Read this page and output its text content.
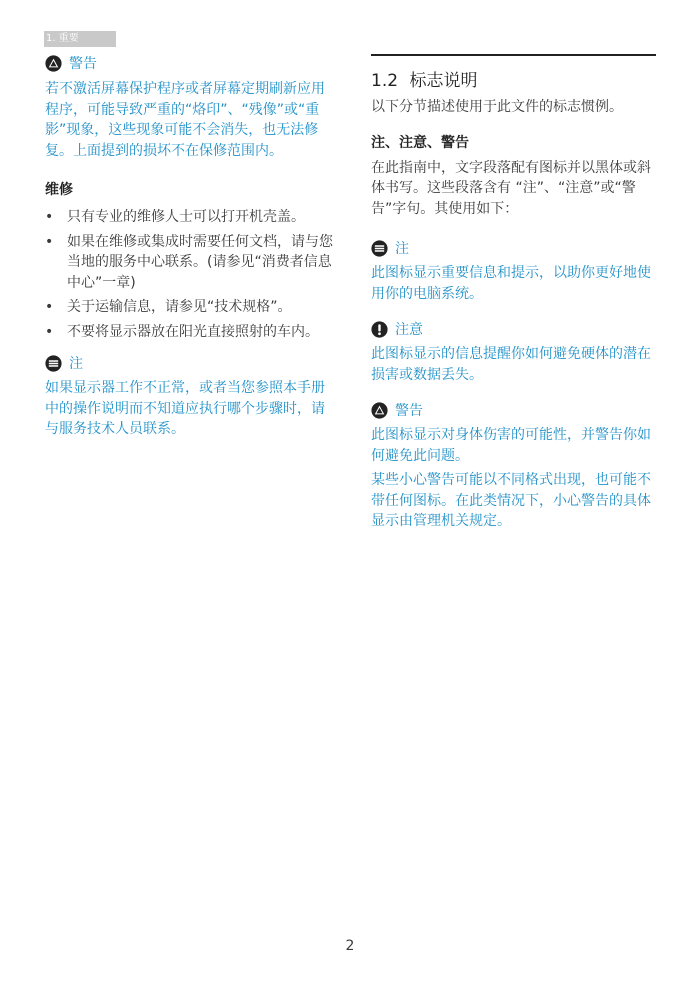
1. 重要
警告

若不激活屏幕保护程序或者屏幕定期刷新应用程序，可能导致严重的“烙印”、“残像”或“重影”现象，这些现象可能不会消失，也无法修复。上面提到的损坏不在保修范围内。

维修
• 只有专业的维修人士可以打开机壳盖。
• 如果在维修或集成时需要任何文档，请与您当地的服务中心联系。(请参见“消费者信息中心”一章)
• 关于运输信息，请参见“技术规格”。
• 不要将显示器放在阳光直接照射的车内。
注

如果显示器工作不正常，或者当您参照本手册中的操作说明而不知道应执行哪个步骤时，请与服务技术人员联系。

1.2 标志说明

以下分节描述使用于此文件的标志惯例。

注、注意、警告

在此指南中，文字段落配有图标并以黑体或斜体书写。这些段落含有 “注”、“注意”或“警告”字句。其使用如下：

注

此图标显示重要信息和提示，以助你更好地使用你的电脑系统。

注意

此图标显示的信息提醒你如何避免硬体的潜在损害或数据丢失。

警告

此图标显示对身体伤害的可能性，并警告你如何避免此问题。

某些小心警告可能以不同格式出现，也可能不带任何图标。在此类情况下，小心警告的具体显示由管理机关规定。

2
